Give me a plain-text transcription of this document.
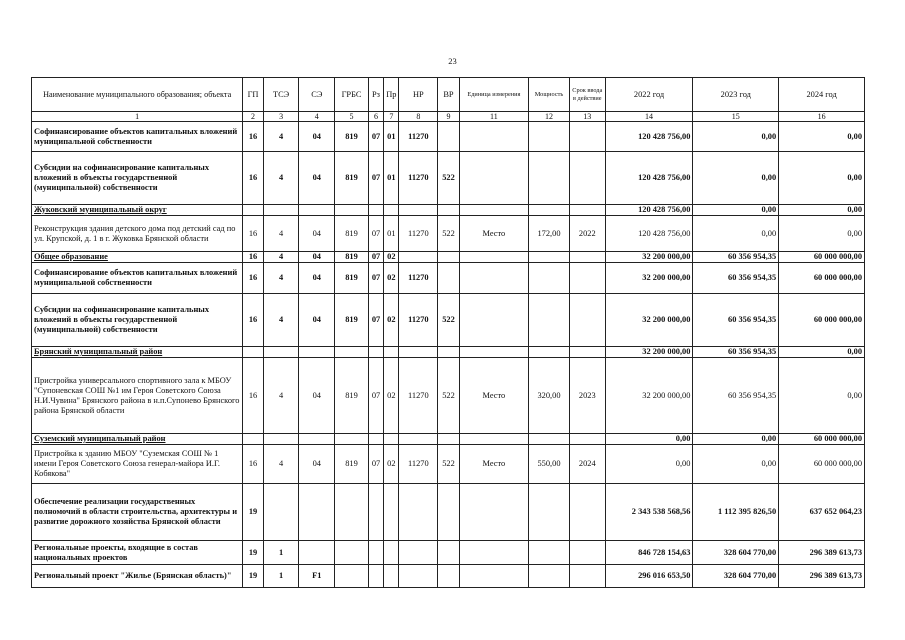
23
Наименование муниципального образования; объекта	ГП	ТСЭ	СЭ	ГРБС	Рз	Пр	НР	ВР	Единица измерения	Мощность	Срок ввода в действие	2022 год	2023 год	2024 год
1	2	3	4	5	6	7	8	9	11	12	13	14	15	16
Софинансирование объектов капитальных вложений муниципальной собственности	16	4	04	819	07	01	11270					120 428 756,00	0,00	0,00
Субсидии на софинансирование капитальных вложений в объекты государственной (муниципальной) собственности	16	4	04	819	07	01	11270	522				120 428 756,00	0,00	0,00
Жуковский муниципальный округ												120 428 756,00	0,00	0,00
Реконструкция здания детского дома под детский сад по ул. Крупской, д. 1 в г. Жуковка Брянской области	16	4	04	819	07	01	11270	522	Место	172,00	2022	120 428 756,00	0,00	0,00
Общее образование	16	4	04	819	07	02						32 200 000,00	60 356 954,35	60 000 000,00
Софинансирование объектов капитальных вложений муниципальной собственности	16	4	04	819	07	02	11270					32 200 000,00	60 356 954,35	60 000 000,00
Субсидии на софинансирование капитальных вложений в объекты государственной (муниципальной) собственности	16	4	04	819	07	02	11270	522				32 200 000,00	60 356 954,35	60 000 000,00
Брянский муниципальный район												32 200 000,00	60 356 954,35	0,00
Пристройка универсального спортивного зала к МБОУ "Супоневская СОШ №1 им Героя Советского Союза Н.И.Чувина" Брянского района в н.п.Супонево Брянского района Брянской области	16	4	04	819	07	02	11270	522	Место	320,00	2023	32 200 000,00	60 356 954,35	0,00
Суземский муниципальный район												0,00	0,00	60 000 000,00
Пристройка к зданию МБОУ "Суземская СОШ № 1 имени Героя Советского Союза генерал-майора И.Г. Кобякова"	16	4	04	819	07	02	11270	522	Место	550,00	2024	0,00	0,00	60 000 000,00
Обеспечение реализации государственных полномочий в области строительства, архитектуры и развитие дорожного хозяйства Брянской области	19											2 343 538 568,56	1 112 395 826,50	637 652 064,23
Региональные проекты, входящие в состав национальных проектов	19	1										846 728 154,63	328 604 770,00	296 389 613,73
Региональный проект "Жилье (Брянская область)"	19	1	F1									296 016 653,50	328 604 770,00	296 389 613,73
